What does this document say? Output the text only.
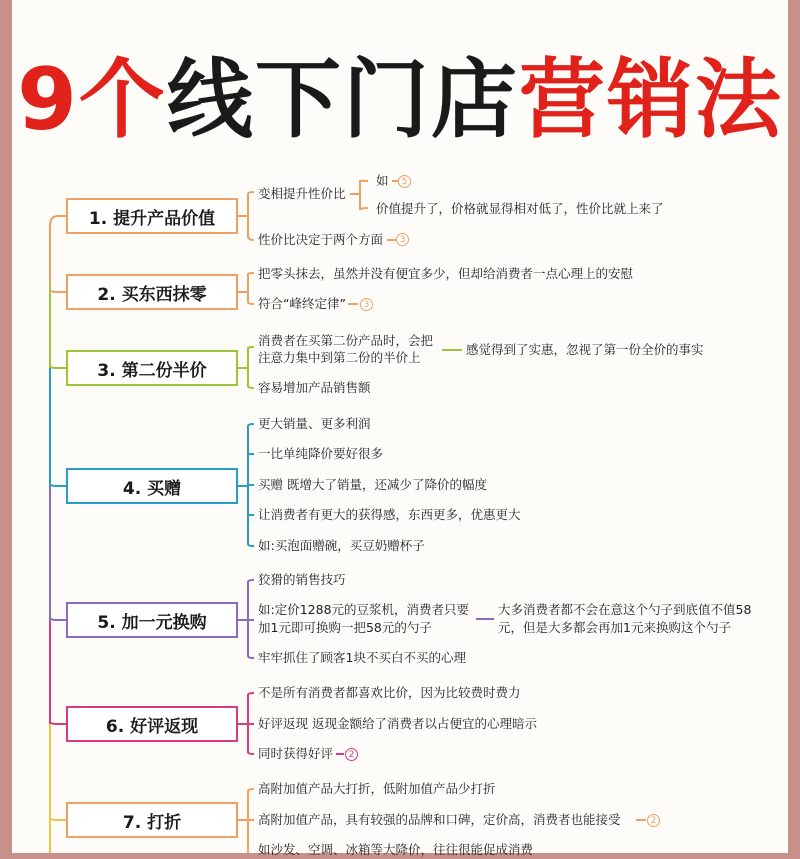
9个线下门店营销法
1. 提升产品价值
2. 买东西抹零
3. 第二份半价
4. 买赠
5. 加一元换购
6. 好评返现
7. 打折
变相提升性价比
如	5
价值提升了，价格就显得相对低了，性价比就上来了
性价比决定于两个方面	3
把零头抹去，虽然并没有便宜多少，但却给消费者一点心理上的安慰
符合“峰终定律”	3
消费者在买第二份产品时，会把
注意力集中到第二份的半价上
感觉得到了实惠，忽视了第一份全价的事实
容易增加产品销售额
更大销量、更多利润
一比单纯降价要好很多
买赠 既增大了销量，还减少了降价的幅度
让消费者有更大的获得感，东西更多，优惠更大
如:买泡面赠碗，买豆奶赠杯子
狡猾的销售技巧
如:定价1288元的豆浆机，消费者只要
加1元即可换购一把58元的勺子
大多消费者都不会在意这个勺子到底值不值58
元，但是大多都会再加1元来换购这个勺子
牢牢抓住了顾客1块不买白不买的心理
不是所有消费者都喜欢比价，因为比较费时费力
好评返现 返现金额给了消费者以占便宜的心理暗示
同时获得好评	2
高附加值产品大打折，低附加值产品少打折
高附加值产品，具有较强的品牌和口碑，定价高，消费者也能接受	2
如沙发、空调、冰箱等大降价，往往很能促成消费
